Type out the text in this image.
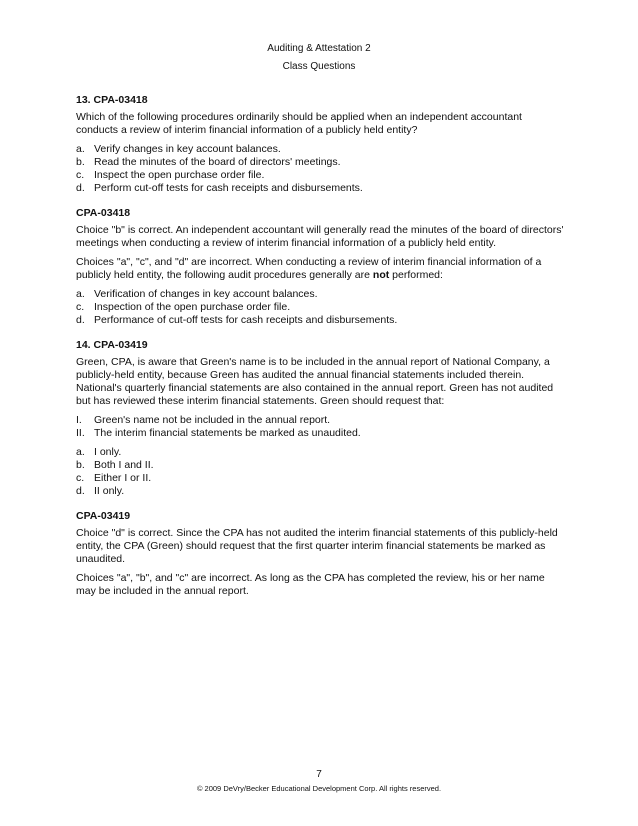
Auditing & Attestation 2
Class Questions
13. CPA-03418
Which of the following procedures ordinarily should be applied when an independent accountant conducts a review of interim financial information of a publicly held entity?
a. Verify changes in key account balances.
b. Read the minutes of the board of directors' meetings.
c. Inspect the open purchase order file.
d. Perform cut-off tests for cash receipts and disbursements.
CPA-03418
Choice "b" is correct. An independent accountant will generally read the minutes of the board of directors' meetings when conducting a review of interim financial information of a publicly held entity.
Choices "a", "c", and "d" are incorrect. When conducting a review of interim financial information of a publicly held entity, the following audit procedures generally are not performed:
a. Verification of changes in key account balances.
c. Inspection of the open purchase order file.
d. Performance of cut-off tests for cash receipts and disbursements.
14. CPA-03419
Green, CPA, is aware that Green's name is to be included in the annual report of National Company, a publicly-held entity, because Green has audited the annual financial statements included therein. National's quarterly financial statements are also contained in the annual report. Green has not audited but has reviewed these interim financial statements. Green should request that:
I.	Green's name not be included in the annual report.
II. The interim financial statements be marked as unaudited.
a. I only.
b. Both I and II.
c. Either I or II.
d. II only.
CPA-03419
Choice "d" is correct. Since the CPA has not audited the interim financial statements of this publicly-held entity, the CPA (Green) should request that the first quarter interim financial statements be marked as unaudited.
Choices "a", "b", and "c" are incorrect. As long as the CPA has completed the review, his or her name may be included in the annual report.
7
© 2009 DeVry/Becker Educational Development Corp. All rights reserved.
